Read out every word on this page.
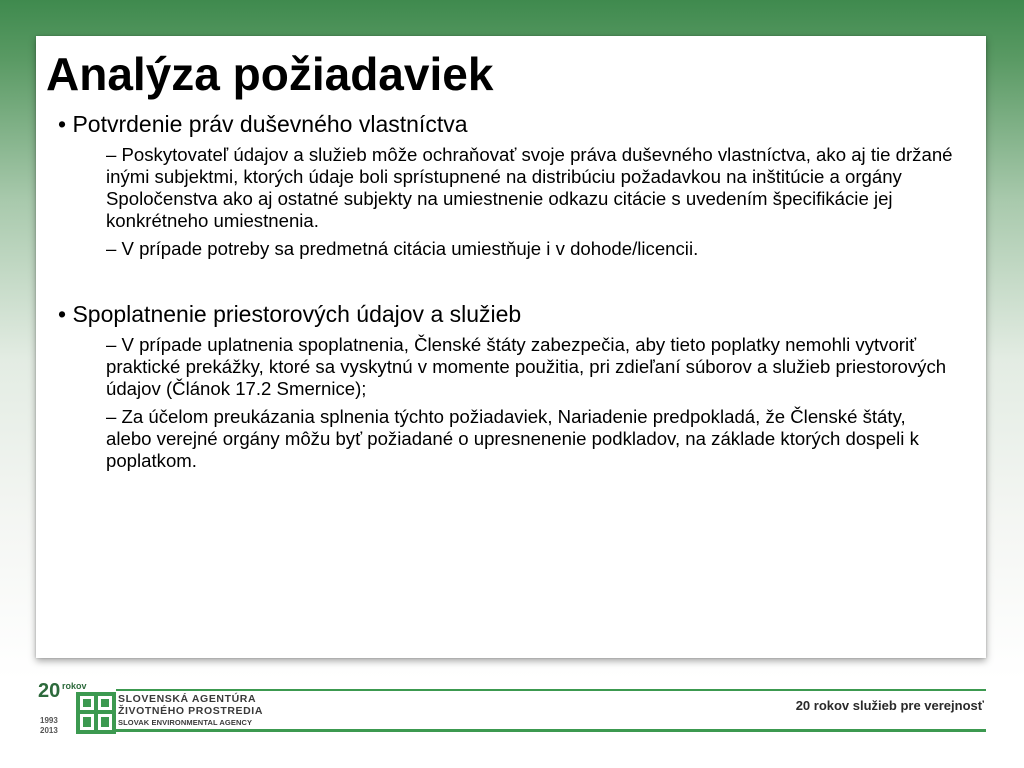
Analýza požiadaviek
• Potvrdenie práv duševného vlastníctva
– Poskytovateľ údajov a služieb môže ochraňovať svoje práva duševného vlastníctva, ako aj tie držané inými subjektmi, ktorých údaje boli sprístupnené na distribúciu požadavkou na inštitúcie a orgány Spoločenstva ako aj ostatné subjekty na umiestnenie odkazu citácie s uvedením špecifikácie jej konkrétneho umiestnenia.
– V prípade potreby sa predmetná citácia umiestňuje i v dohode/licencii.
• Spoplatnenie priestorových údajov a služieb
– V prípade uplatnenia spoplatnenia, Členské štáty zabezpečia, aby tieto poplatky nemohli vytvoriť praktické prekážky, ktoré sa vyskytnú v momente použitia, pri zdieľaní súborov a služieb priestorových údajov (Článok 17.2 Smernice);
– Za účelom preukázania splnenia týchto požiadaviek, Nariadenie predpokladá, že Členské štáty, alebo verejné orgány môžu byť požiadané o upresnenenie podkladov, na základe ktorých dospeli k poplatkom.
20 rokov
1993
2013
SLOVENSKÁ AGENTÚRA
ŽIVOTNÉHO PROSTREDIA
SLOVAK ENVIRONMENTAL AGENCY
20 rokov služieb pre verejnosť
